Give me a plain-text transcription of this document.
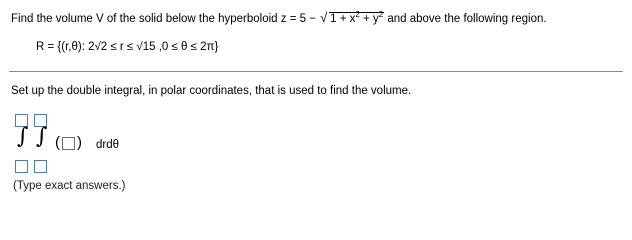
Find the volume V of the solid below the hyperboloid z = 5 − √ $1 + x^2 + y^2$ and above the following region.
R = {(r,θ): 2√2 ≤ r ≤ √15 ,0 ≤ θ ≤ 2π}
Set up the double integral, in polar coordinates, that is used to find the volume.
∫ ∫ ( ) drdθ
(Type exact answers.)
